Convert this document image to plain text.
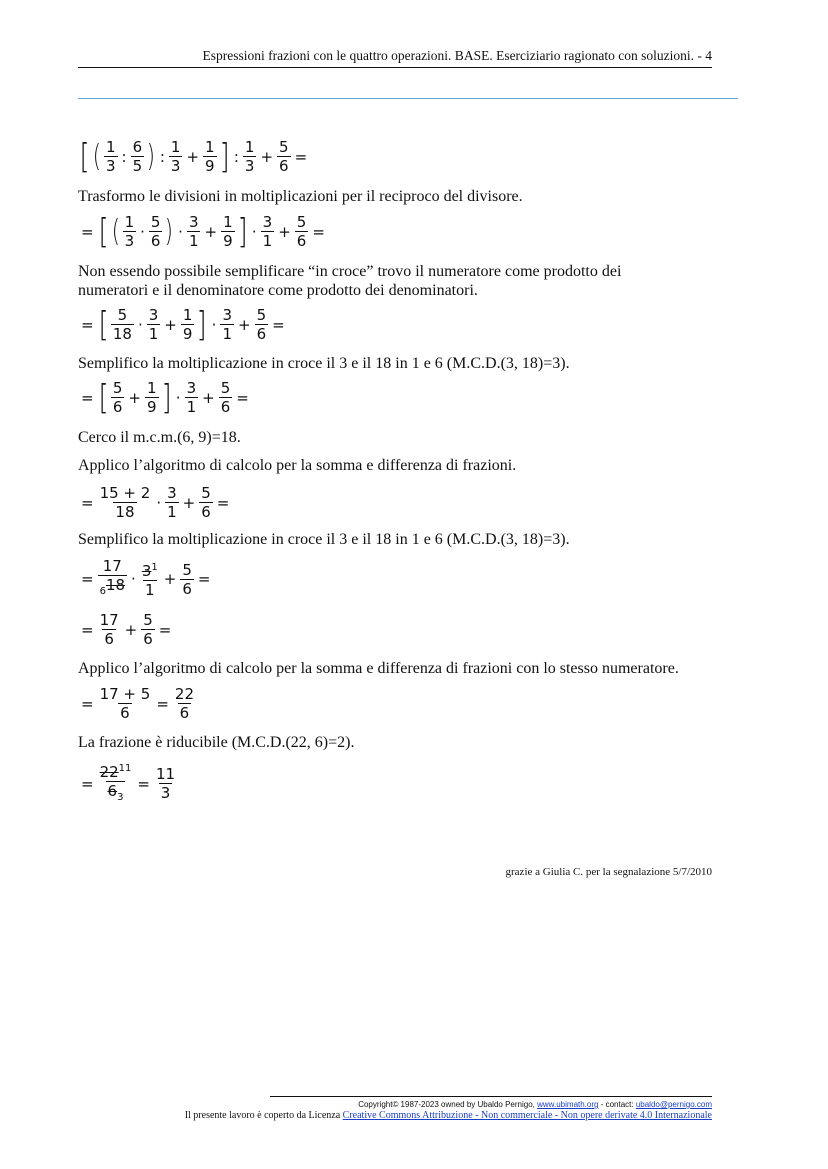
Espressioni frazioni con le quattro operazioni. BASE. Eserciziario ragionato con soluzioni. - 4
[ ( $\frac{1}{3}$ : $\frac{6}{5}$ ) : $\frac{1}{3} + \frac{1}{9}$ ] : $\frac{1}{3} + \frac{5}{6}$ =
Trasformo le divisioni in moltiplicazioni per il reciproco del divisore.
= [ ( $\frac{1}{3} \cdot \frac{5}{6}$ ) · $\frac{3}{1} + \frac{1}{9}$ ] · $\frac{3}{1} + \frac{5}{6}$ =
Non essendo possibile semplificare “in croce” trovo il numeratore come prodotto dei
numeratori e il denominatore come prodotto dei denominatori.
= [ $\frac{5}{18} \cdot \frac{3}{1} + \frac{1}{9}$ ] · $\frac{3}{1} + \frac{5}{6}$ =
Semplifico la moltiplicazione in croce il 3 e il 18 in 1 e 6 (M.C.D.(3, 18)=3).
= [ $\frac{5}{6} + \frac{1}{9}$ ] · $\frac{3}{1} + \frac{5}{6}$ =
Cerco il m.c.m.(6, 9)=18.
Applico l’algoritmo di calcolo per la somma e differenza di frazioni.
= $\frac{15 + 2}{18} \cdot \frac{3}{1} + \frac{5}{6}$ =
Semplifico la moltiplicazione in croce il 3 e il 18 in 1 e 6 (M.C.D.(3, 18)=3).
= $\frac{17}{_618} \cdot \frac{3^1}{1} + \frac{5}{6}$ =
= $\frac{17}{6} + \frac{5}{6}$ =
Applico l’algoritmo di calcolo per la somma e differenza di frazioni con lo stesso numeratore.
= $\frac{17 + 5}{6} = \frac{22}{6}$
La frazione è riducibile (M.C.D.(22, 6)=2).
= $\frac{22^{11}}{6_3} = \frac{11}{3}$
grazie a Giulia C. per la segnalazione 5/7/2010
Copyright© 1987-2023 owned by Ubaldo Pernigo, www.ubimath.org - contact: ubaldo@pernigo.com
Il presente lavoro è coperto da Licenza Creative Commons Attribuzione - Non commerciale - Non opere derivate 4.0 Internazionale
